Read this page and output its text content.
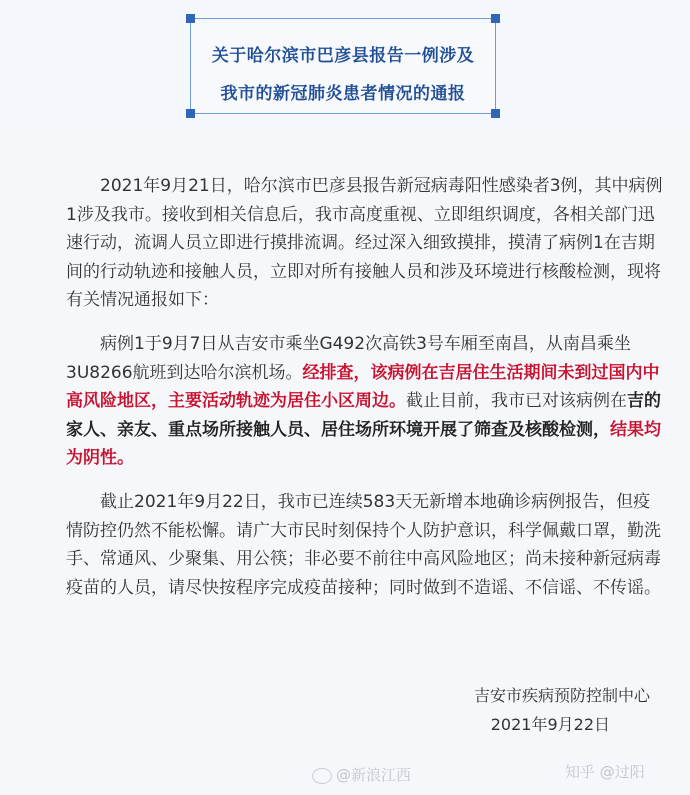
关于哈尔滨市巴彦县报告一例涉及
我市的新冠肺炎患者情况的通报

2021年9月21日，哈尔滨市巴彦县报告新冠病毒阳性感染者3例，其中病例1涉及我市。接收到相关信息后，我市高度重视、立即组织调度，各相关部门迅速行动，流调人员立即进行摸排流调。经过深入细致摸排，摸清了病例1在吉期间的行动轨迹和接触人员，立即对所有接触人员和涉及环境进行核酸检测，现将有关情况通报如下：

病例1于9月7日从吉安市乘坐G492次高铁3号车厢至南昌，从南昌乘坐3U8266航班到达哈尔滨机场。经排查，该病例在吉居住生活期间未到过国内中高风险地区，主要活动轨迹为居住小区周边。截止目前，我市已对该病例在吉的家人、亲友、重点场所接触人员、居住场所环境开展了筛查及核酸检测，结果均为阴性。

截止2021年9月22日，我市已连续583天无新增本地确诊病例报告，但疫情防控仍然不能松懈。请广大市民时刻保持个人防护意识，科学佩戴口罩，勤洗手、常通风、少聚集、用公筷；非必要不前往中高风险地区；尚未接种新冠病毒疫苗的人员，请尽快按程序完成疫苗接种；同时做到不造谣、不信谣、不传谣。

吉安市疾病预防控制中心
2021年9月22日
@新浪江西	知乎 @过阳
